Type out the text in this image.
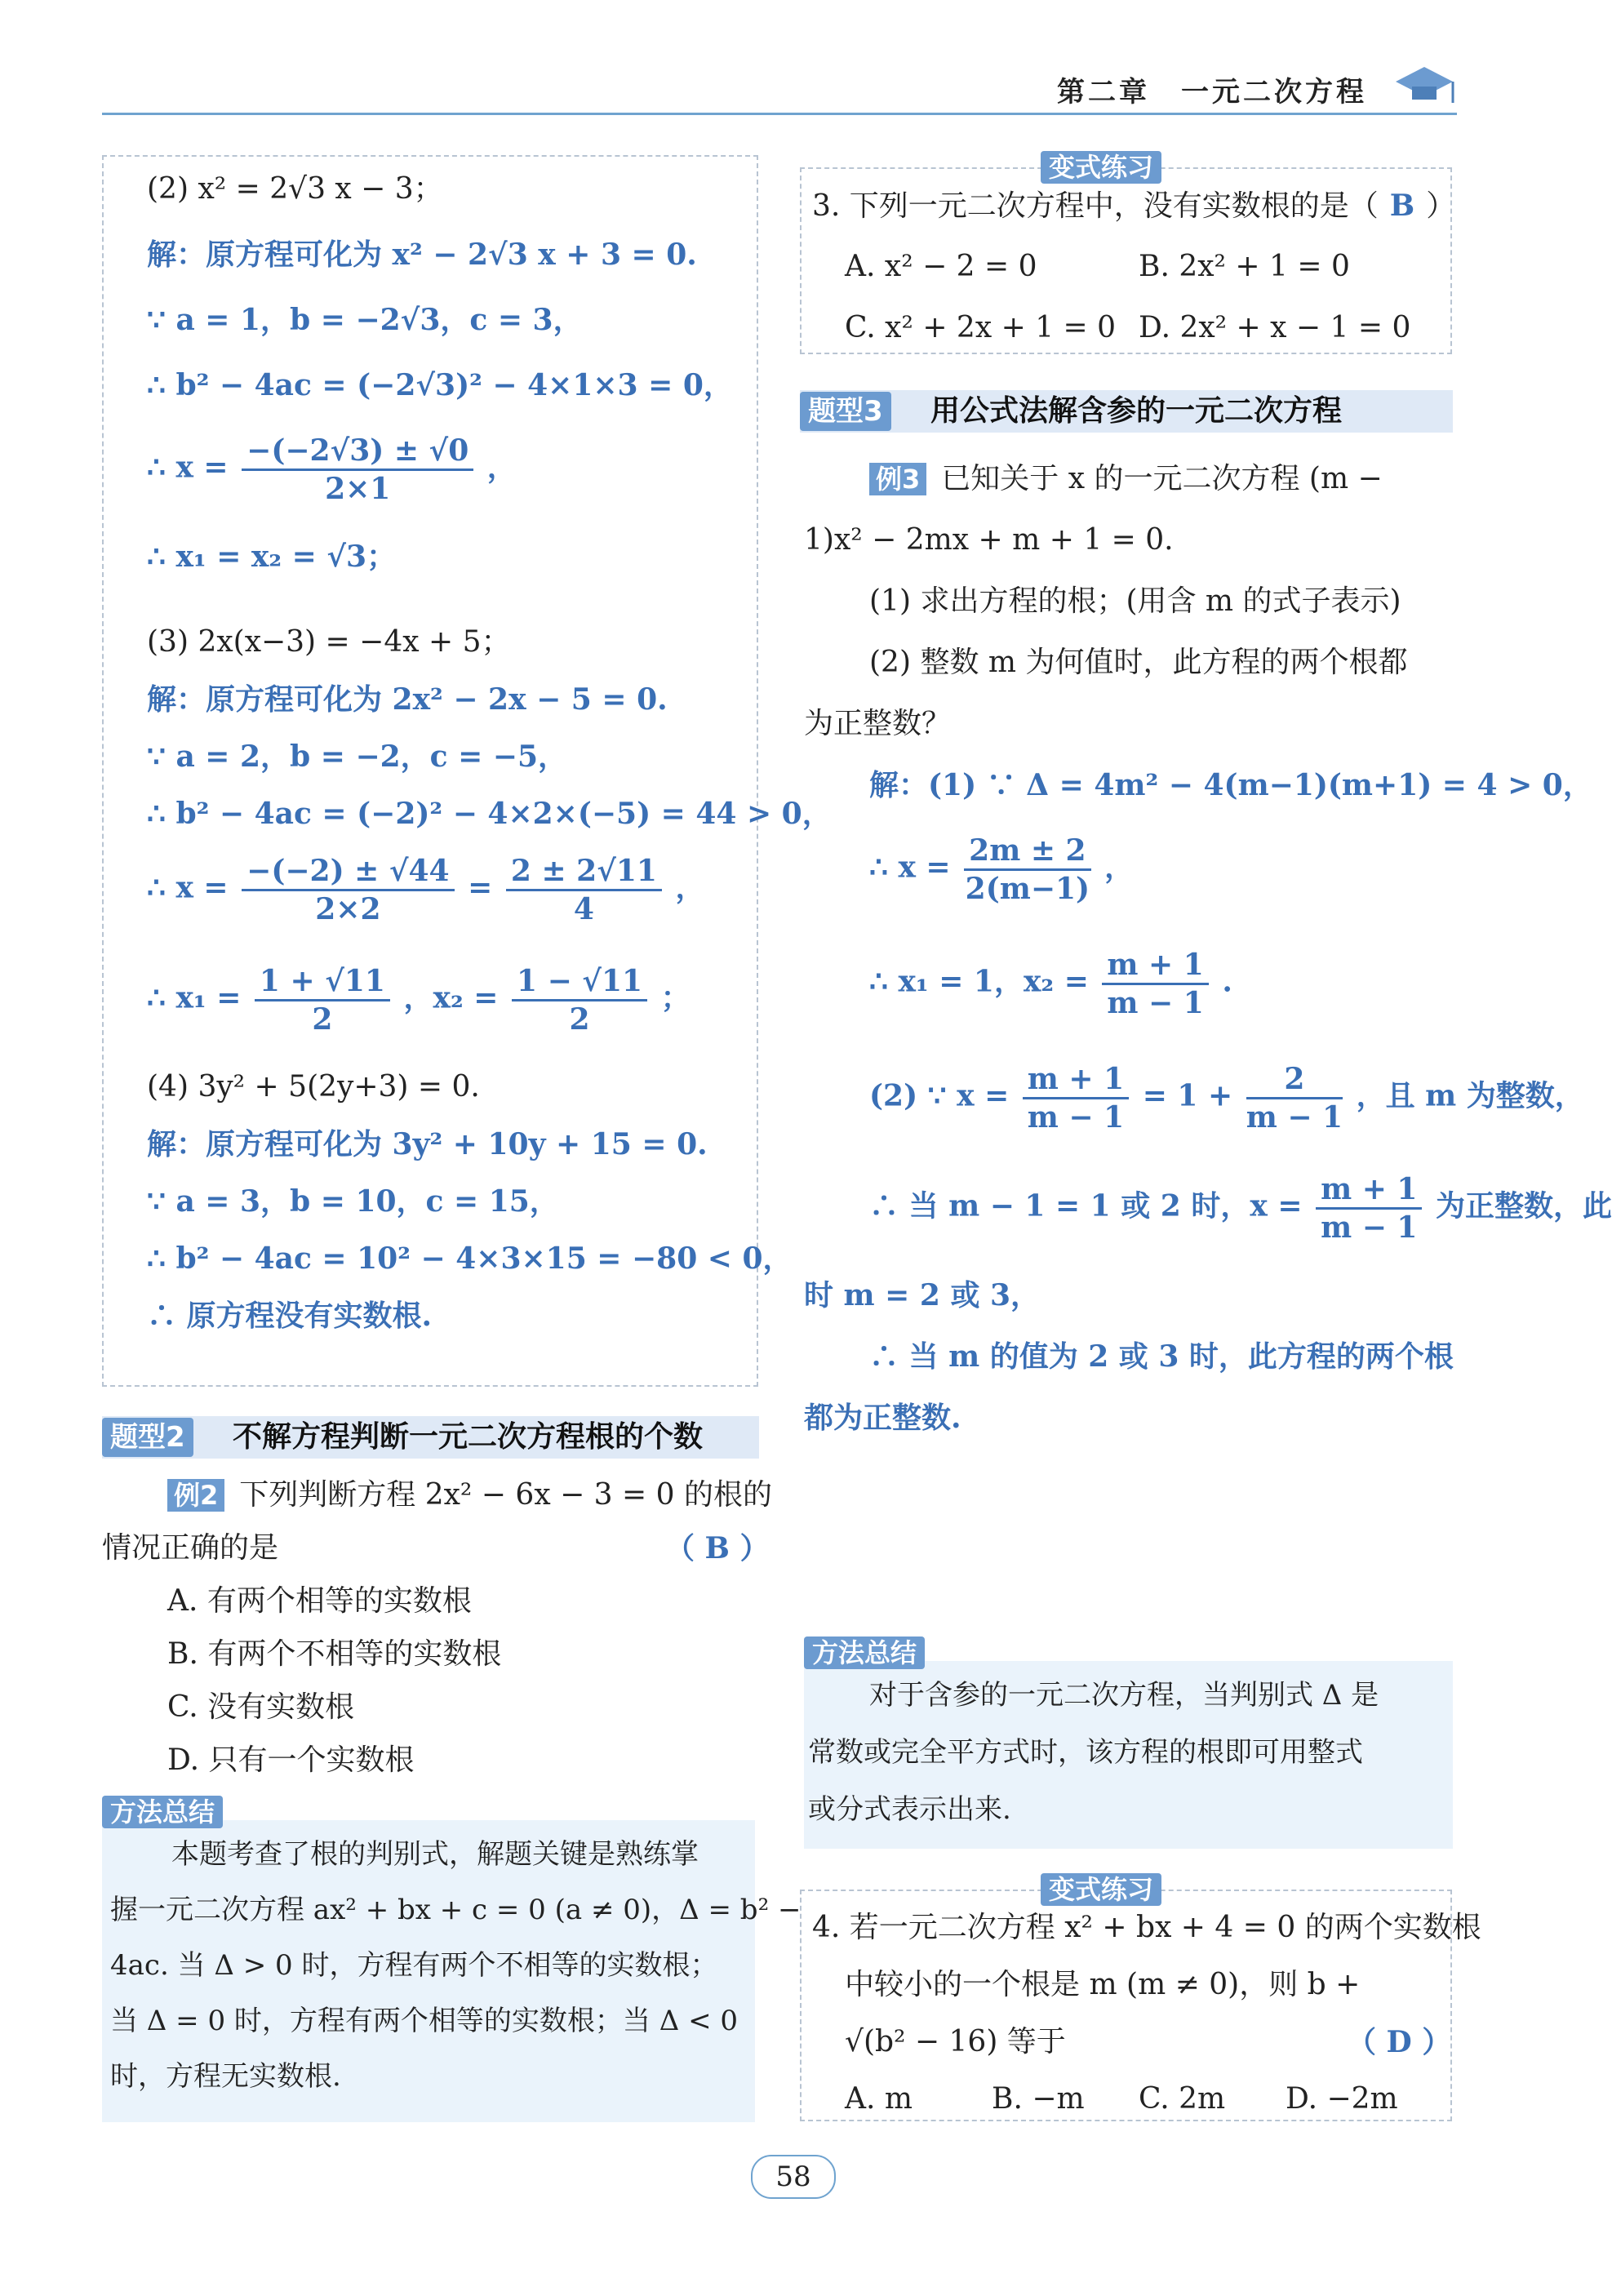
第二章　一元二次方程
(2) x² = 2√3 x − 3；
解：原方程可化为 x² − 2√3 x + 3 = 0.
∵ a = 1，b = −2√3，c = 3，
∴ b² − 4ac = (−2√3)² − 4×1×3 = 0，
∴ $x = \frac{-(-2√3) \pm √0}{2\times 1}$ ，
∴ x₁ = x₂ = √3；
(3) 2x(x−3) = −4x + 5；
解：原方程可化为 2x² − 2x − 5 = 0.
∵ a = 2，b = −2，c = −5，
∴ b² − 4ac = (−2)² − 4×2×(−5) = 44 > 0，
∴ $x = \frac{-(-2) \pm √44}{2\times 2} = \frac{2 \pm 2√11}{4}$ ，
∴ $x_1 = \frac{1 + √11}{2}$ ，$x_2 = \frac{1 - √11}{2}$ ；
(4) 3y² + 5(2y+3) = 0.
解：原方程可化为 3y² + 10y + 15 = 0.
∵ a = 3，b = 10，c = 15，
∴ b² − 4ac = 10² − 4×3×15 = −80 < 0，
∴ 原方程没有实数根.
题型2 不解方程判断一元二次方程根的个数
例2 下列判断方程 2x² − 6x − 3 = 0 的根的
情况正确的是	（ B ）
A. 有两个相等的实数根
B. 有两个不相等的实数根
C. 没有实数根
D. 只有一个实数根
方法总结
本题考查了根的判别式，解题关键是熟练掌
握一元二次方程 ax² + bx + c = 0 (a ≠ 0)，Δ = b² −
4ac. 当 Δ > 0 时，方程有两个不相等的实数根；
当 Δ = 0 时，方程有两个相等的实数根；当 Δ < 0
时，方程无实数根.
变式练习
3. 下列一元二次方程中，没有实数根的是（ B ）
A. x² − 2 = 0	B. 2x² + 1 = 0
C. x² + 2x + 1 = 0 D. 2x² + x − 1 = 0
题型3 用公式法解含参的一元二次方程
例3 已知关于 x 的一元二次方程 (m −
1)x² − 2mx + m + 1 = 0.
(1) 求出方程的根；(用含 m 的式子表示)
(2) 整数 m 为何值时，此方程的两个根都
为正整数？
解：(1) ∵ Δ = 4m² − 4(m−1)(m+1) = 4 > 0，
∴ $x = \frac{2m \pm 2}{2(m-1)}$ ，
∴ x₁ = 1，$x_2 = \frac{m + 1}{m - 1}$ .
(2) ∵ $x = \frac{m + 1}{m - 1} = 1 + \frac{2}{m - 1}$ ，且 m 为整数，
∴ 当 m − 1 = 1 或 2 时，$x = \frac{m + 1}{m - 1}$ 为正整数，此
时 m = 2 或 3，
∴ 当 m 的值为 2 或 3 时，此方程的两个根
都为正整数.
方法总结
对于含参的一元二次方程，当判别式 Δ 是
常数或完全平方式时，该方程的根即可用整式
或分式表示出来.
变式练习
4. 若一元二次方程 x² + bx + 4 = 0 的两个实数根
中较小的一个根是 m (m ≠ 0)，则 b +
√(b² − 16) 等于	（ D ）
A. m	B. −m C. 2m D. −2m
58
